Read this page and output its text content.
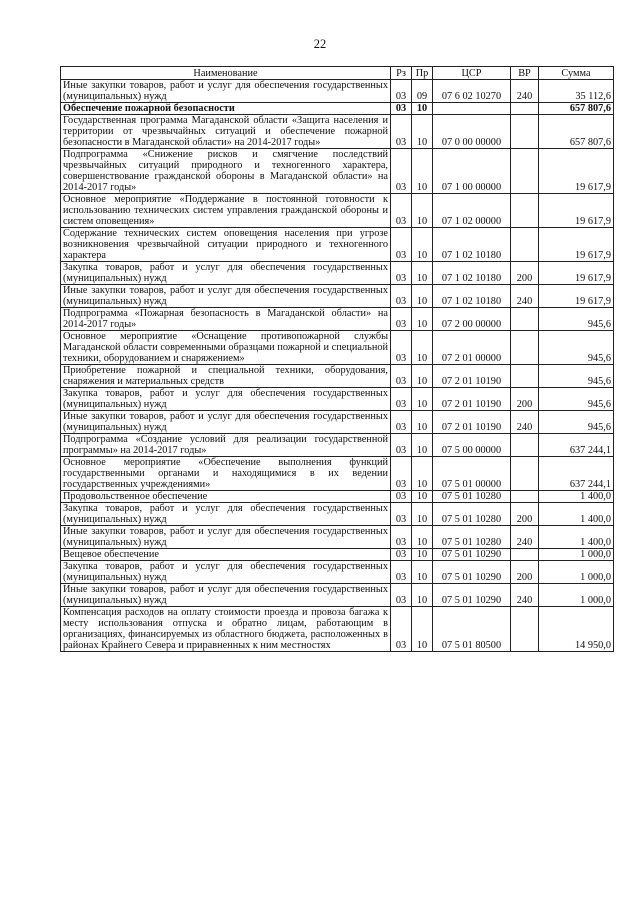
22
Наименование	Рз	Пр	ЦСР	ВР	Сумма
Иные закупки товаров, работ и услуг для обеспечения государственных (муниципальных) нужд	03	09	07 6 02 10270	240	35 112,6
Обеспечение пожарной безопасности	03	10			657 807,6
Государственная программа Магаданской области «Защита населения и территории от чрезвычайных ситуаций и обеспечение пожарной безопасности в Магаданской области» на 2014-2017 годы»	03	10	07 0 00 00000		657 807,6
Подпрограмма «Снижение рисков и смягчение последствий чрезвычайных ситуаций природного и техногенного характера, совершенствование гражданской обороны в Магаданской области» на 2014-2017 годы»	03	10	07 1 00 00000		19 617,9
Основное мероприятие «Поддержание в постоянной готовности к использованию технических систем управления гражданской обороны и систем оповещения»	03	10	07 1 02 00000		19 617,9
Содержание технических систем оповещения населения при угрозе возникновения чрезвычайной ситуации природного и техногенного характера	03	10	07 1 02 10180		19 617,9
Закупка товаров, работ и услуг для обеспечения государственных (муниципальных) нужд	03	10	07 1 02 10180	200	19 617,9
Иные закупки товаров, работ и услуг для обеспечения государственных (муниципальных) нужд	03	10	07 1 02 10180	240	19 617,9
Подпрограмма «Пожарная безопасность в Магаданской области» на 2014-2017 годы»	03	10	07 2 00 00000		945,6
Основное мероприятие «Оснащение противопожарной службы Магаданской области современными образцами пожарной и специальной техники, оборудованием и снаряжением»	03	10	07 2 01 00000		945,6
Приобретение пожарной и специальной техники, оборудования, снаряжения и материальных средств	03	10	07 2 01 10190		945,6
Закупка товаров, работ и услуг для обеспечения государственных (муниципальных) нужд	03	10	07 2 01 10190	200	945,6
Иные закупки товаров, работ и услуг для обеспечения государственных (муниципальных) нужд	03	10	07 2 01 10190	240	945,6
Подпрограмма «Создание условий для реализации государственной программы» на 2014-2017 годы»	03	10	07 5 00 00000		637 244,1
Основное мероприятие «Обеспечение выполнения функций государственными органами и находящимися в их ведении государственных учреждениями»	03	10	07 5 01 00000		637 244,1
Продовольственное обеспечение	03	10	07 5 01 10280		1 400,0
Закупка товаров, работ и услуг для обеспечения государственных (муниципальных) нужд	03	10	07 5 01 10280	200	1 400,0
Иные закупки товаров, работ и услуг для обеспечения государственных (муниципальных) нужд	03	10	07 5 01 10280	240	1 400,0
Вещевое обеспечение	03	10	07 5 01 10290		1 000,0
Закупка товаров, работ и услуг для обеспечения государственных (муниципальных) нужд	03	10	07 5 01 10290	200	1 000,0
Иные закупки товаров, работ и услуг для обеспечения государственных (муниципальных) нужд	03	10	07 5 01 10290	240	1 000,0
Компенсация расходов на оплату стоимости проезда и провоза багажа к месту использования отпуска и обратно лицам, работающим в организациях, финансируемых из областного бюджета, расположенных в районах Крайнего Севера и приравненных к ним местностях	03	10	07 5 01 80500		14 950,0
